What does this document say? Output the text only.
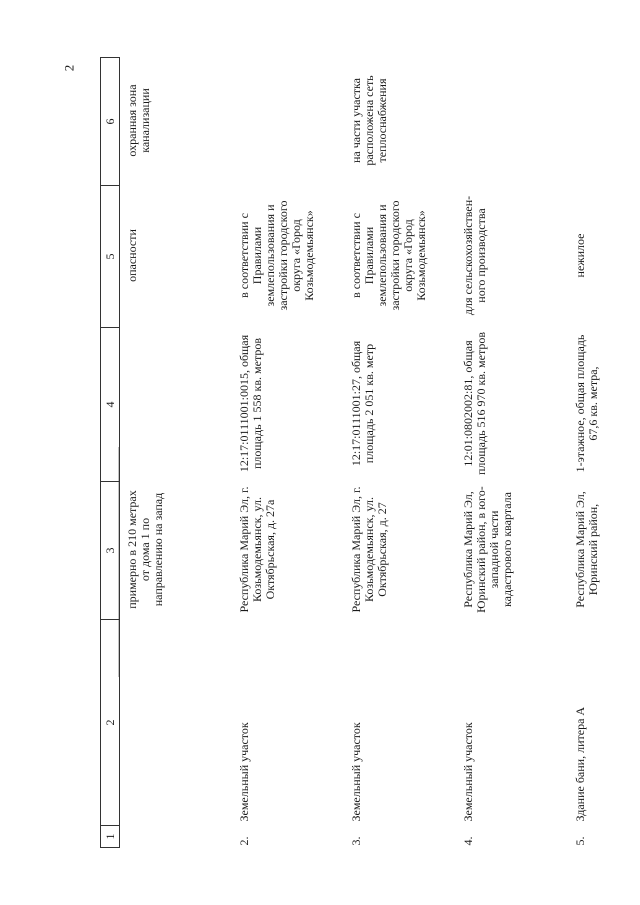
2
1	2	3	4	5	6
		примерно в 210 метрах от дома 1 по направлению на запад		опасности	охранная зона канализации
2.	Земельный участок	Республика Марий Эл, г. Козьмодемьянск, ул. Октябрьская, д. 27а	12:17:0111001:0015, общая площадь 1 558 кв. метров	в соответствии с Правилами землепользования и застройки городского округа «Город Козьмодемьянск»	
3.	Земельный участок	Республика Марий Эл, г. Козьмодемьянск, ул. Октябрьская, д. 27	12:17:0111001:27, общая площадь 2 051 кв. метр	в соответствии с Правилами землепользования и застройки городского округа «Город Козьмодемьянск»	на части участка расположена сеть теплоснабжения
4.	Земельный участок	Республика Марий Эл, Юринский район, в юго-западной части кадастрового квартала	12:01:0802002:81, общая площадь 516 970 кв. метров	для сельскохозяйствен-ного производства	
5.	Здание бани, литера А	Республика Марий Эл, Юринский район,	1-этажное, общая площадь 67,6 кв. метра,	нежилое	
